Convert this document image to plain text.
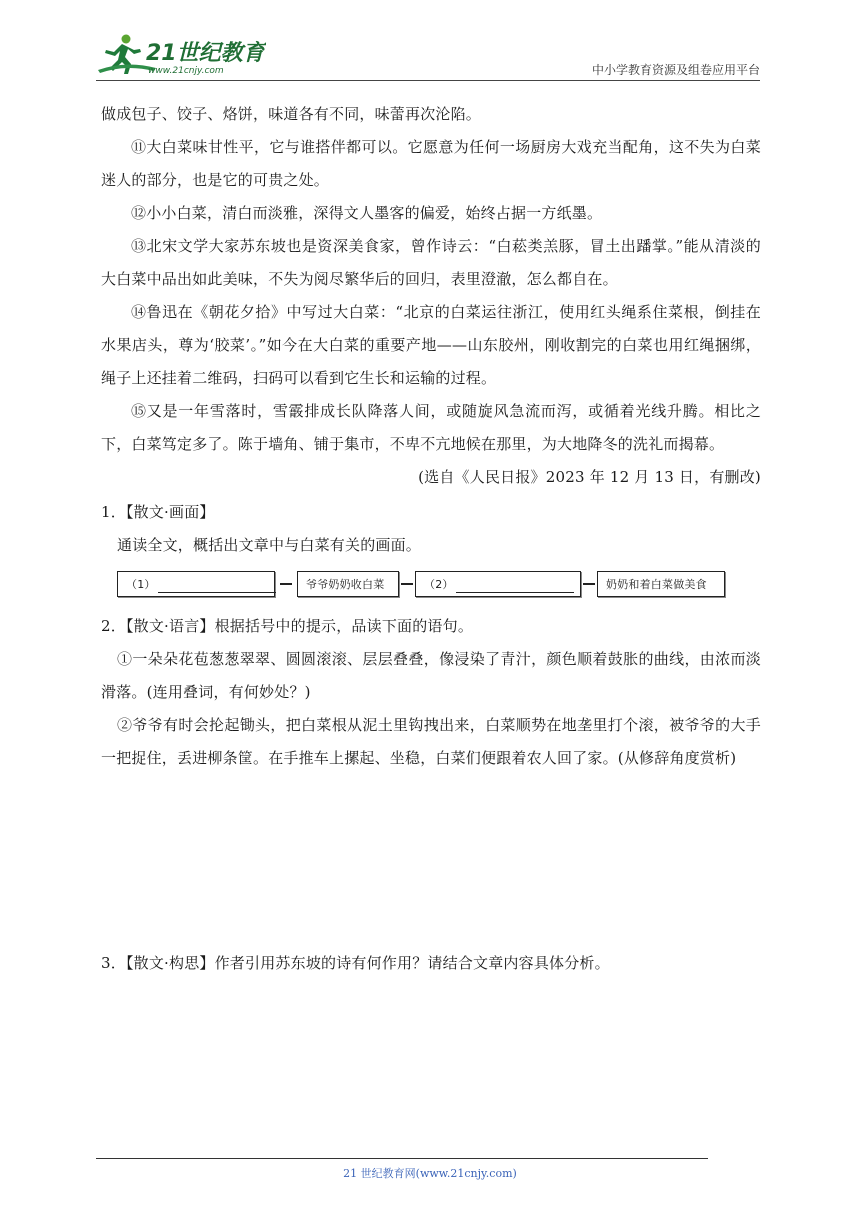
21世纪教育
www.21cnjy.com	中小学教育资源及组卷应用平台

做成包子、饺子、烙饼，味道各有不同，味蕾再次沦陷。

⑪大白菜味甘性平，它与谁搭伴都可以。它愿意为任何一场厨房大戏充当配角，这不失为白菜迷人的部分，也是它的可贵之处。

⑫小小白菜，清白而淡雅，深得文人墨客的偏爱，始终占据一方纸墨。

⑬北宋文学大家苏东坡也是资深美食家，曾作诗云：“白菘类羔豚，冒土出蹯掌。”能从清淡的大白菜中品出如此美味，不失为阅尽繁华后的回归，表里澄澈，怎么都自在。

⑭鲁迅在《朝花夕拾》中写过大白菜：“北京的白菜运往浙江，使用红头绳系住菜根，倒挂在水果店头，尊为‘胶菜’。”如今在大白菜的重要产地——山东胶州，刚收割完的白菜也用红绳捆绑，绳子上还挂着二维码，扫码可以看到它生长和运输的过程。

⑮又是一年雪落时，雪霰排成长队降落人间，或随旋风急流而泻，或循着光线升腾。相比之下，白菜笃定多了。陈于墙角、铺于集市，不卑不亢地候在那里，为大地降冬的洗礼而揭幕。

(选自《人民日报》2023 年 12 月 13 日，有删改)

1．【散文·画面】

通读全文，概括出文章中与白菜有关的画面。

（1）	爷爷奶奶收白菜	（2）	奶奶和着白菜做美食

2．【散文·语言】根据括号中的提示，品读下面的语句。

①一朵朵花苞葱葱翠翠、圆圆滚滚、层层叠叠，像浸染了青汁，颜色顺着鼓胀的曲线，由浓而淡滑落。(连用叠词，有何妙处？)

②爷爷有时会抡起锄头，把白菜根从泥土里钩拽出来，白菜顺势在地垄里打个滚，被爷爷的大手一把捉住，丢进柳条筐。在手推车上摞起、坐稳，白菜们便跟着农人回了家。(从修辞角度赏析)

3．【散文·构思】作者引用苏东坡的诗有何作用？请结合文章内容具体分析。

21 世纪教育网(www.21cnjy.com)
